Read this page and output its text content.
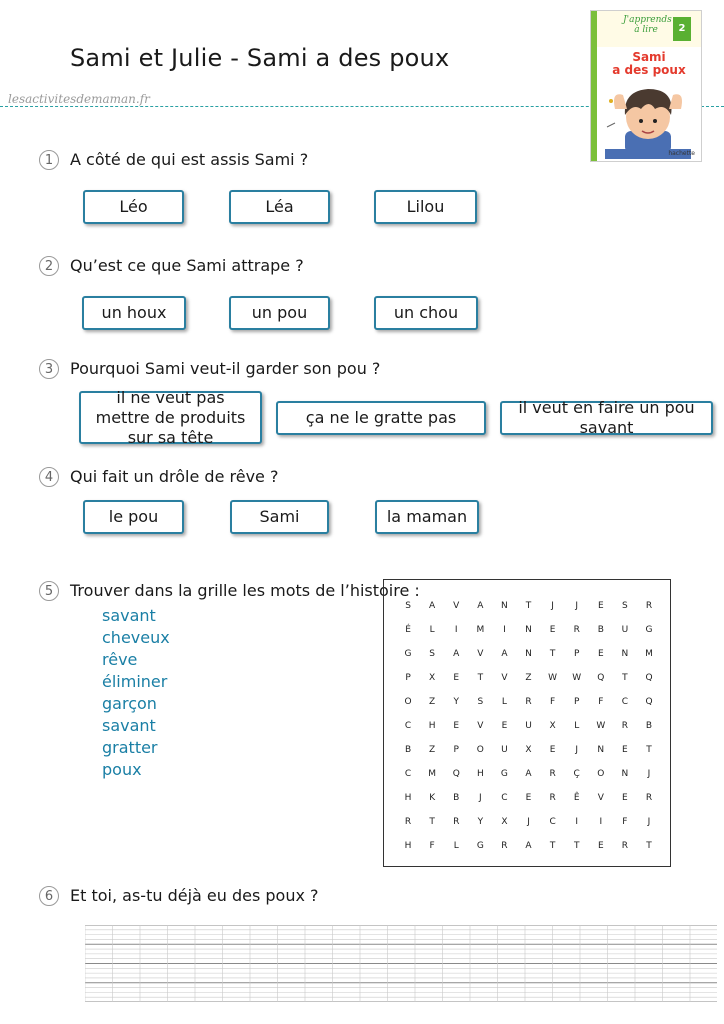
Sami et Julie - Sami a des poux
lesactivitesdemaman.fr
J'apprends à lire	2
Sami
a des poux
hachette
1	A côté de qui est assis Sami ?
Léo	Léa	Lilou
2	Qu’est ce que Sami attrape ?
un houx	un pou	un chou
3	Pourquoi Sami veut-il garder son pou ?
il ne veut pas mettre de produits sur sa tête
ça ne le gratte pas
il veut en faire un pou savant
4	Qui fait un drôle de rêve ?
le pou	Sami	la maman
5	Trouver dans la grille les mots de l’histoire :
savant
cheveux
rêve
éliminer
garçon
savant
gratter
poux
S	A	V	A	N	T	J	J	E	S	R
É	L	I	M	I	N	E	R	B	U	G
G	S	A	V	A	N	T	P	E	N	M
P	X	E	T	V	Z	W	W	Q	T	Q
O	Z	Y	S	L	R	F	P	F	C	Q
C	H	E	V	E	U	X	L	W	R	B
B	Z	P	O	U	X	E	J	N	E	T
C	M	Q	H	G	A	R	Ç	O	N	J
H	K	B	J	C	E	R	Ê	V	E	R
R	T	R	Y	X	J	C	I	I	F	J
H	F	L	G	R	A	T	T	E	R	T
6	Et toi, as-tu déjà eu des poux ?
